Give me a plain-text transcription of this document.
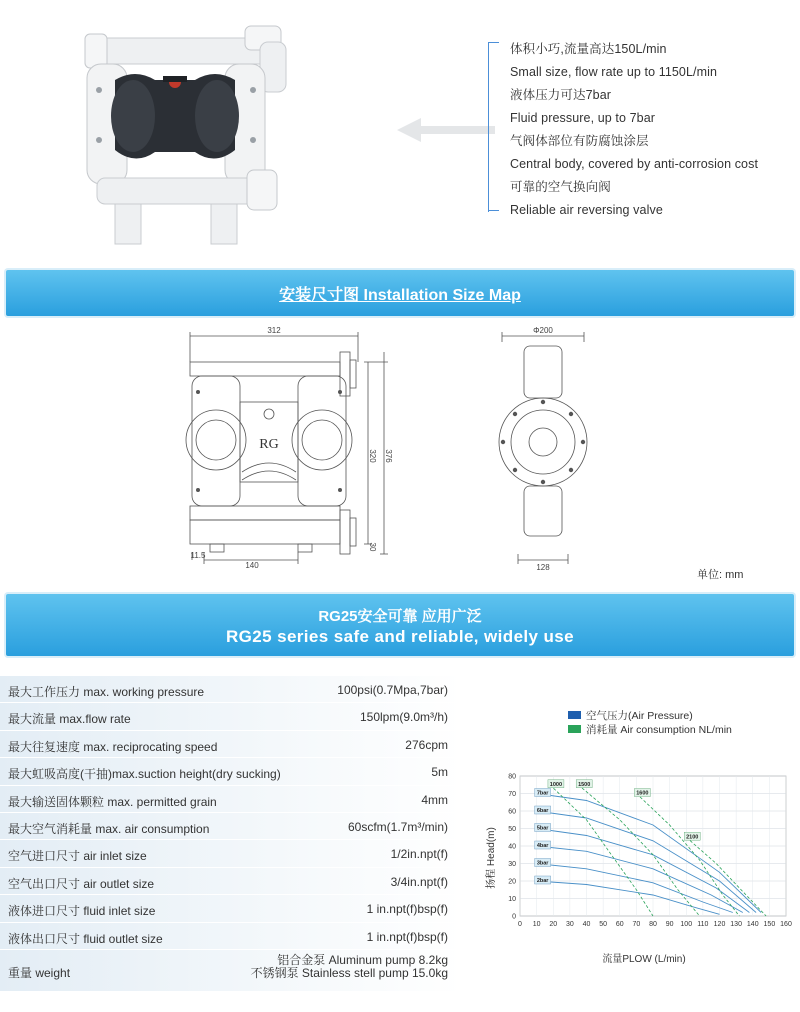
体积小巧,流量高达150L/min
Small size, flow rate up to 1150L/min
液体压力可达7bar
Fluid pressure, up to 7bar
气阀体部位有防腐蚀涂层
Central body, covered by anti-corrosion cost
可靠的空气换向阀
Reliable air reversing valve
安装尺寸图 Installation Size Map
312
320 376
30
11.5
140
RG
Φ200
128
单位: mm
RG25安全可靠 应用广泛
RG25 series safe and reliable, widely use
最大工作压力 max. working pressure	100psi(0.7Mpa,7bar)
最大流量 max.flow rate	150lpm(9.0m³/h)
最大往复速度 max. reciprocating speed	276cpm
最大虹吸高度(干抽)max.suction height(dry sucking)	5m
最大输送固体颗粒 max. permitted grain	4mm
最大空气消耗量 max. air consumption	60scfm(1.7m³/min)
空气进口尺寸 air inlet size	1/2in.npt(f)
空气出口尺寸 air outlet size	3/4in.npt(f)
液体进口尺寸 fluid inlet size	1 in.npt(f)bsp(f)
液体出口尺寸 fluid outlet size	1 in.npt(f)bsp(f)
重量 weight
铝合金泵 Aluminum pump 8.2kg
不锈钢泵 Stainless stell pump 15.0kg
空气压力(Air Pressure)
消耗量 Air consumption NL/min
0
10
20
30
40
50
60
70
80
0 10 20 30 40 50 60 70 80 90 100 110 120 130 140 150 160
7bar
6bar
5bar
4bar
3bar
2bar
1000	1500
1600
2100
扬程 Head(m)
流量PLOW (L/min)
